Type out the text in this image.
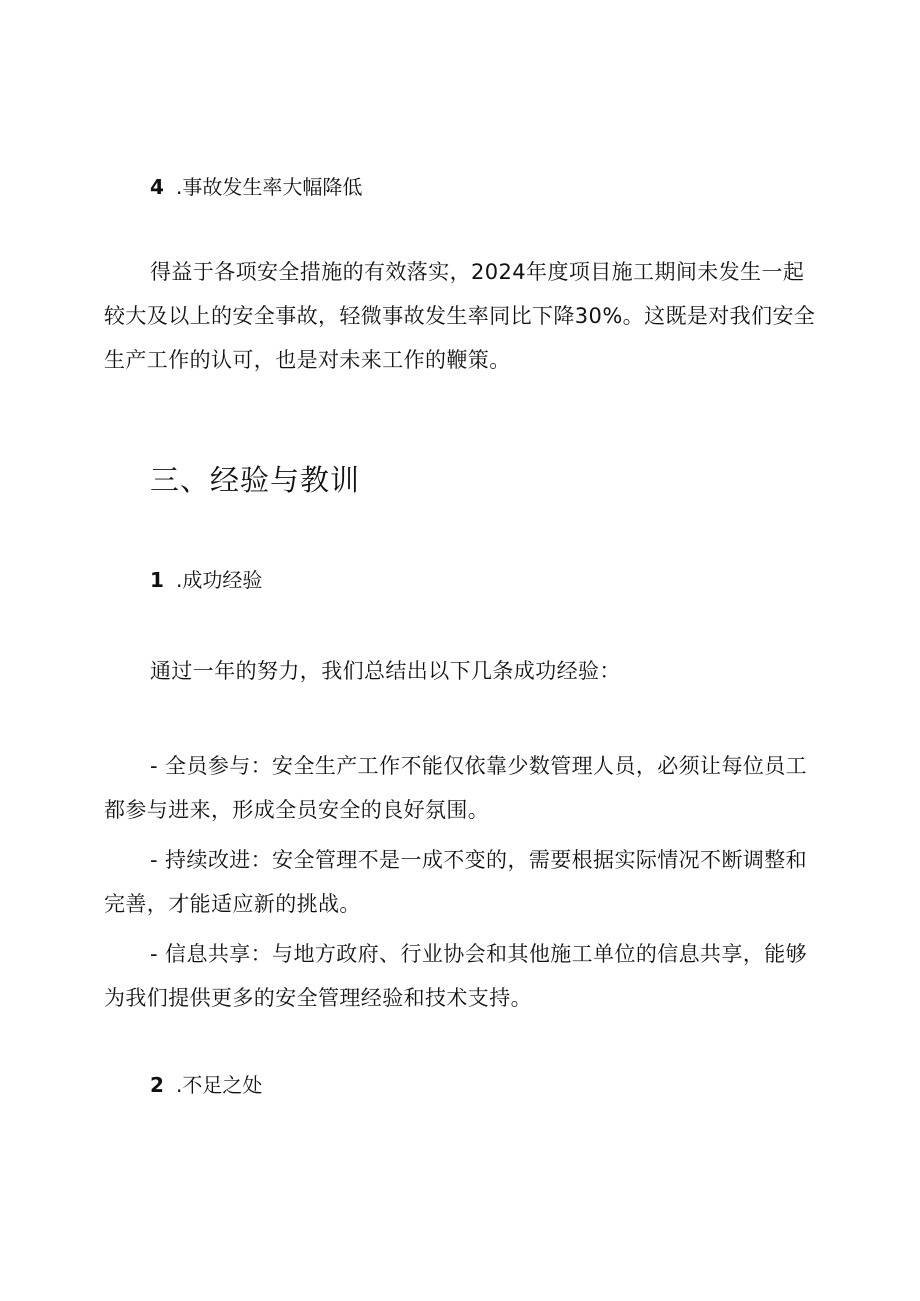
4 .事故发生率大幅降低

得益于各项安全措施的有效落实，2024年度项目施工期间未发生一起较大及以上的安全事故，轻微事故发生率同比下降30%。这既是对我们安全生产工作的认可，也是对未来工作的鞭策。

三、经验与教训

1 .成功经验

通过一年的努力，我们总结出以下几条成功经验：

- 全员参与：安全生产工作不能仅依靠少数管理人员，必须让每位员工都参与进来，形成全员安全的良好氛围。

- 持续改进：安全管理不是一成不变的，需要根据实际情况不断调整和完善，才能适应新的挑战。

- 信息共享：与地方政府、行业协会和其他施工单位的信息共享，能够为我们提供更多的安全管理经验和技术支持。

2 .不足之处
